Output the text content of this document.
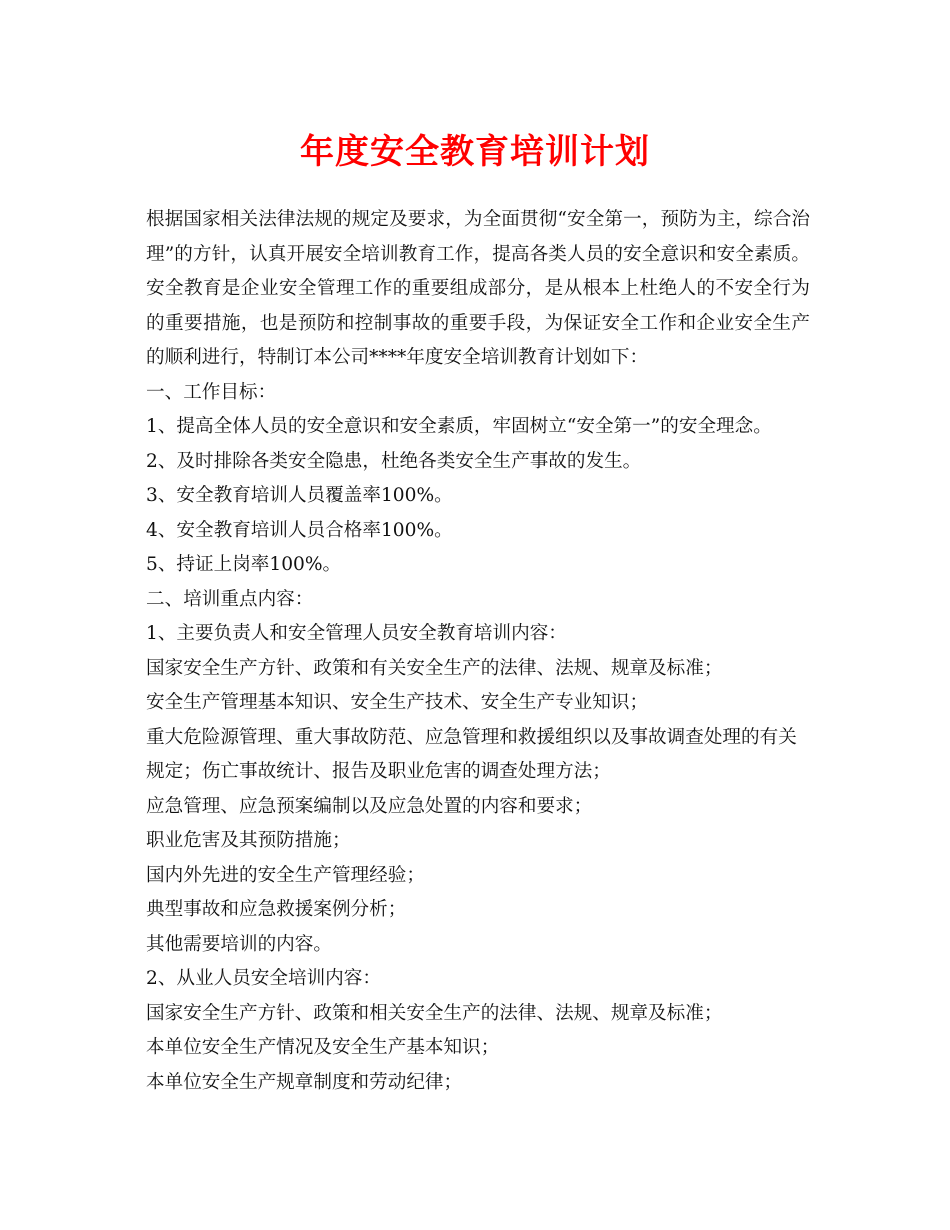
年度安全教育培训计划

根据国家相关法律法规的规定及要求，为全面贯彻“安全第一，预防为主，综合治理”的方针，认真开展安全培训教育工作，提高各类人员的安全意识和安全素质。安全教育是企业安全管理工作的重要组成部分，是从根本上杜绝人的不安全行为的重要措施，也是预防和控制事故的重要手段，为保证安全工作和企业安全生产的顺利进行，特制订本公司****年度安全培训教育计划如下：

一、工作目标：
1、提高全体人员的安全意识和安全素质，牢固树立“安全第一”的安全理念。
2、及时排除各类安全隐患，杜绝各类安全生产事故的发生。
3、安全教育培训人员覆盖率100%。
4、安全教育培训人员合格率100%。
5、持证上岗率100%。
二、培训重点内容：
1、主要负责人和安全管理人员安全教育培训内容：
国家安全生产方针、政策和有关安全生产的法律、法规、规章及标准；
安全生产管理基本知识、安全生产技术、安全生产专业知识；
重大危险源管理、重大事故防范、应急管理和救援组织以及事故调查处理的有关规定；伤亡事故统计、报告及职业危害的调查处理方法；
应急管理、应急预案编制以及应急处置的内容和要求；
职业危害及其预防措施；
国内外先进的安全生产管理经验；
典型事故和应急救援案例分析；
其他需要培训的内容。
2、从业人员安全培训内容：
国家安全生产方针、政策和相关安全生产的法律、法规、规章及标准；
本单位安全生产情况及安全生产基本知识；
本单位安全生产规章制度和劳动纪律；
